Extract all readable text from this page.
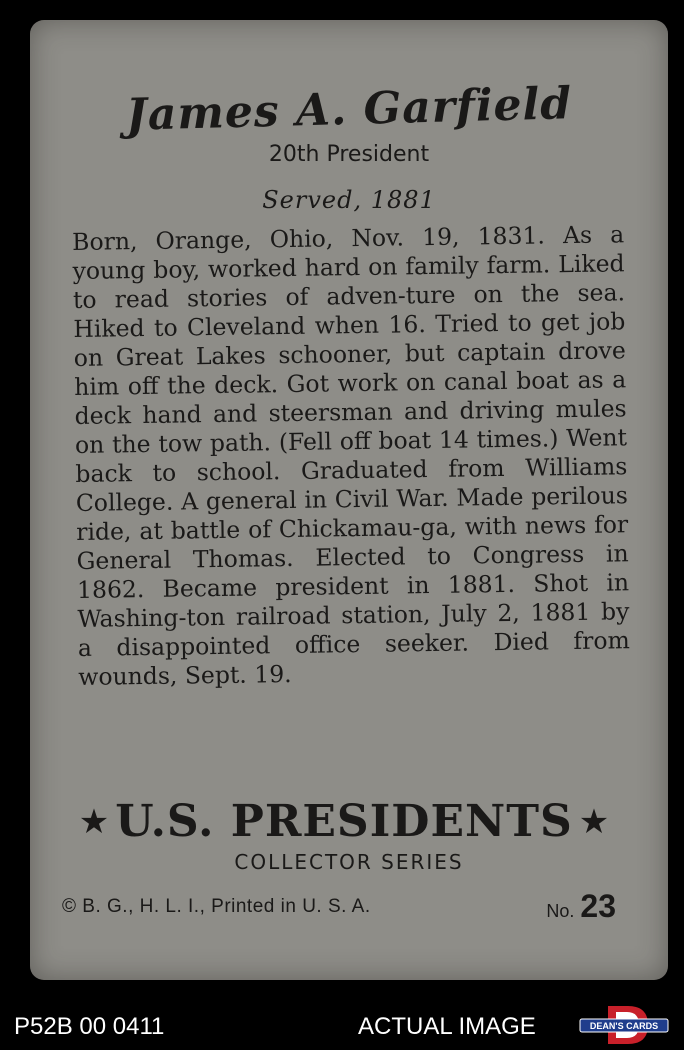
James A. Garfield
20th President
Served, 1881
Born, Orange, Ohio, Nov. 19, 1831. As a young boy, worked hard on family farm. Liked to read stories of adven-ture on the sea. Hiked to Cleveland when 16. Tried to get job on Great Lakes schooner, but captain drove him off the deck. Got work on canal boat as a deck hand and steersman and driving mules on the tow path. (Fell off boat 14 times.) Went back to school. Graduated from Williams College. A general in Civil War. Made perilous ride, at battle of Chickamau-ga, with news for General Thomas. Elected to Congress in 1862. Became president in 1881. Shot in Washing-ton railroad station, July 2, 1881 by a disappointed office seeker. Died from wounds, Sept. 19.
★ U.S. PRESIDENTS ★
COLLECTOR SERIES
© B. G., H. L. I., Printed in U. S. A.	No. 23
P52B 00 0411	ACTUAL IMAGE	DEAN'S CARDS
